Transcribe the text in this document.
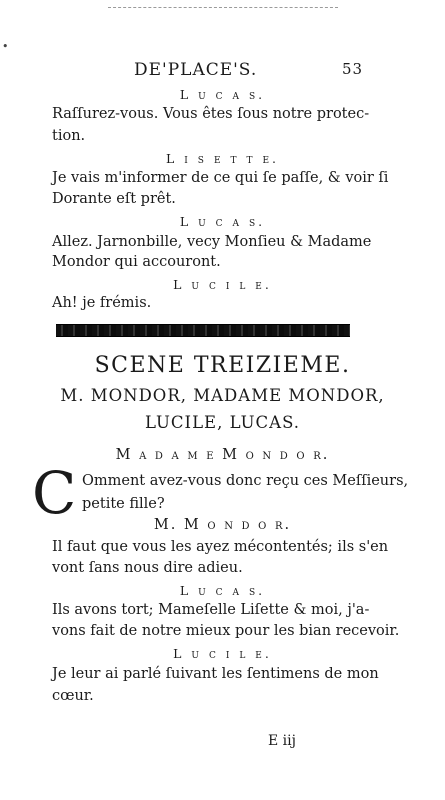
•
DE'PLACE'S.	53
L u c a s.
Raſſurez-vous. Vous êtes ſous notre protec-
tion.
L i s e t t e.
Je vais m'informer de ce qui ſe paſſe, & voir ſi
Dorante eſt prêt.
L u c a s.
Allez. Jarnonbille, vecy Monſieu & Madame
Mondor qui accouront.
L u c i l e.
Ah! je frémis.
SCENE TREIZIEME.
M. MONDOR, MADAME MONDOR,
LUCILE, LUCAS.
M a d a m e M o n d o r.
C Omment avez-vous donc reçu ces Meſſieurs,
petite fille?
M. M o n d o r.
Il faut que vous les ayez mécontentés; ils s'en
vont ſans nous dire adieu.
L u c a s.
Ils avons tort; Mameſelle Liſette & moi, j'a-
vons fait de notre mieux pour les bian recevoir.
L u c i l e.
Je leur ai parlé ſuivant les ſentimens de mon
cœur.
E iij
